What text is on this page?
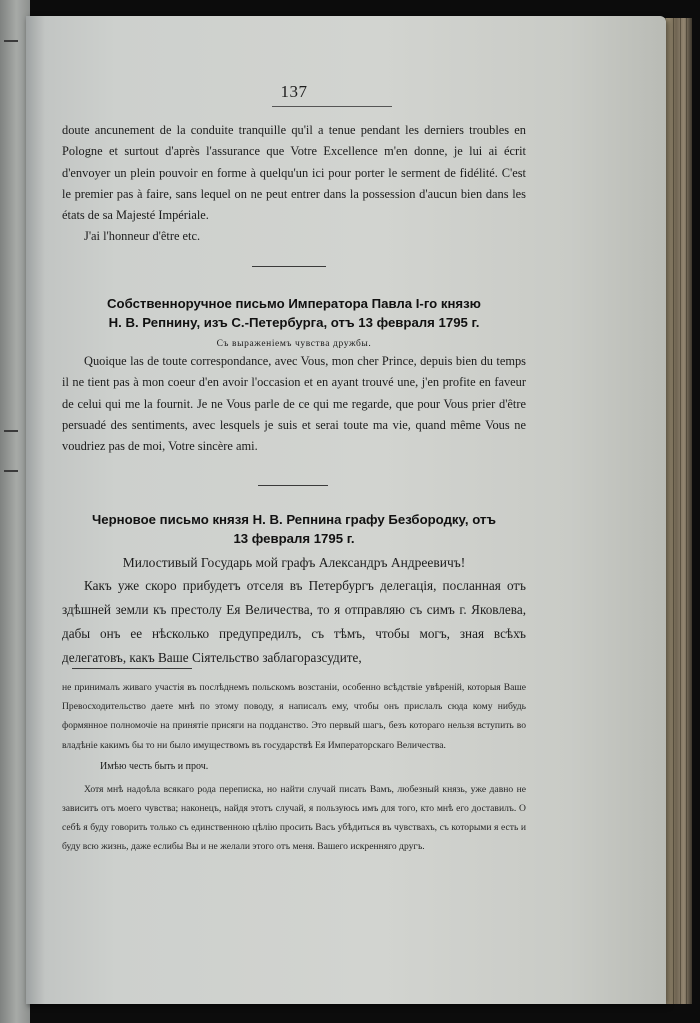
137

doute ancunement de la conduite tranquille qu'il a tenue pendant les derniers troubles en Pologne et surtout d'après l'assurance que Votre Excellence m'en donne, je lui ai écrit d'envoyer un plein pouvoir en forme à quelqu'un ici pour porter le serment de fidélité. C'est le premier pas à faire, sans lequel on ne peut entrer dans la possession d'aucun bien dans les états de sa Majesté Impériale.

J'ai l'honneur d'être etc.

Собственноручное письмо Императора Павла I-го князю

Н. В. Репнину, изъ С.-Петербурга, отъ 13 февраля 1795 г.

Съ выраженіемъ чувства дружбы.

Quoique las de toute correspondance, avec Vous, mon cher Prince, depuis bien du temps il ne tient pas à mon coeur d'en avoir l'occasion et en ayant trouvé une, j'en profite en faveur de celui qui me la fournit. Je ne Vous parle de ce qui me regarde, que pour Vous prier d'être persuadé des sentiments, avec lesquels je suis et serai toute ma vie, quand même Vous ne voudriez pas de moi, Votre sincère ami.

Черновое письмо князя Н. В. Репнина графу Безбородку, отъ

13 февраля 1795 г.

Милостивый Государь мой графъ Александръ Андреевичъ!

Какъ уже скоро прибудетъ отселя въ Петербургъ делегація, посланная отъ здѣшней земли къ престолу Ея Величества, то я отправляю съ симъ г. Яковлева, дабы онъ ее нѣсколько предупредилъ, съ тѣмъ, чтобы могъ, зная всѣхъ делегатовъ, какъ Ваше Сіятельство заблагоразсудите,

не принималъ живаго участія въ послѣднемъ польскомъ возстаніи, особенно всѣдствіе увѣреній, которыя Ваше Превосходительство даете мнѣ по этому поводу, я написалъ ему, чтобы онъ прислалъ сюда кому нибудь формянное полномочіе на принятіе присяги на подданство. Это первый шагъ, безъ котораго нельзя вступить во владѣніе какимъ бы то ни было имуществомъ въ государствѣ Ея Императорскаго Величества.

Имѣю честь быть и проч.

Хотя мнѣ надоѣла всякаго рода переписка, но найти случай писать Вамъ, любезный князь, уже давно не зависитъ отъ моего чувства; наконецъ, найдя этотъ случай, я пользуюсь имъ для того, кто мнѣ его доставилъ. О себѣ я буду говорить только съ единственною цѣлію просить Васъ убѣдиться въ чувствахъ, съ которыми я есть и буду всю жизнь, даже еслибы Вы и не желали этого отъ меня. Вашего искренняго другъ.
